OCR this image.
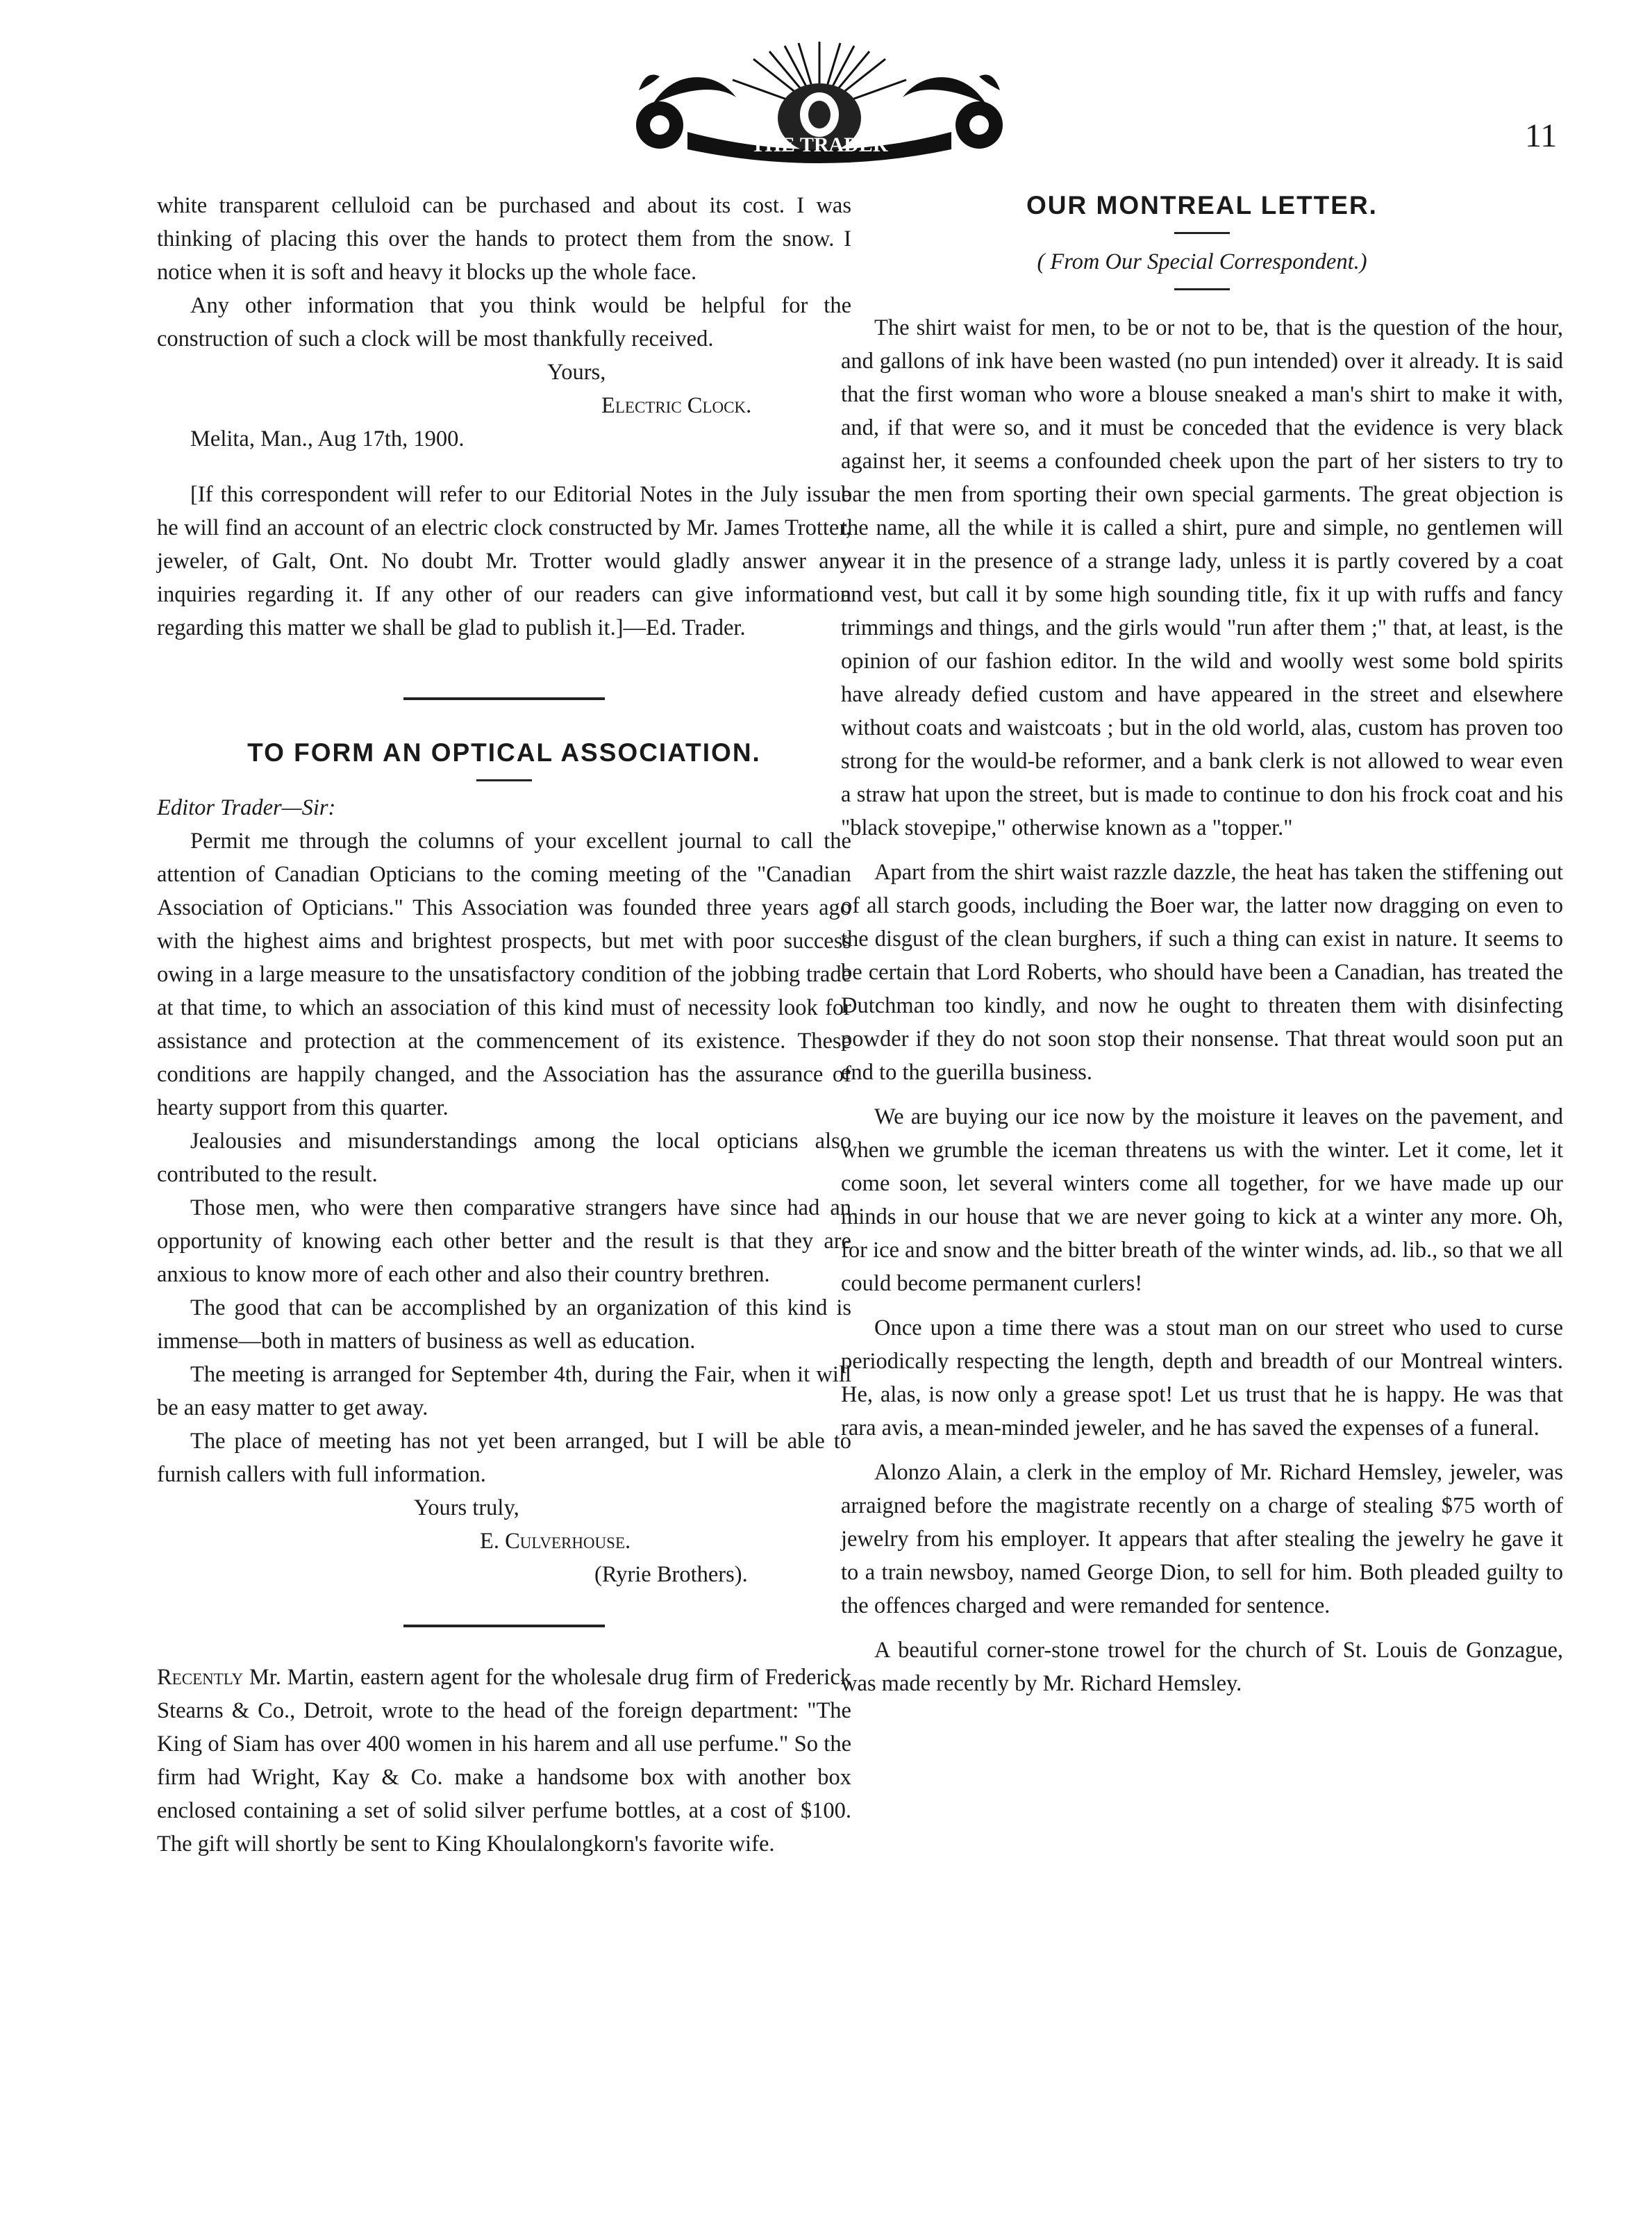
THE TRADER	11

white transparent celluloid can be purchased and about its cost. I was thinking of placing this over the hands to protect them from the snow. I notice when it is soft and heavy it blocks up the whole face.

Any other information that you think would be helpful for the construction of such a clock will be most thankfully received.

Yours,

Electric Clock.

Melita, Man., Aug 17th, 1900.

[If this correspondent will refer to our Editorial Notes in the July issue he will find an account of an electric clock constructed by Mr. James Trotter, jeweler, of Galt, Ont. No doubt Mr. Trotter would gladly answer any inquiries regarding it. If any other of our readers can give information regarding this matter we shall be glad to publish it.]—Ed. Trader.

TO FORM AN OPTICAL ASSOCIATION.

Editor Trader—Sir:

Permit me through the columns of your excellent journal to call the attention of Canadian Opticians to the coming meeting of the "Canadian Association of Opticians." This Association was founded three years ago with the highest aims and brightest prospects, but met with poor success owing in a large measure to the unsatisfactory condition of the jobbing trade at that time, to which an association of this kind must of necessity look for assistance and protection at the commencement of its existence. These conditions are happily changed, and the Association has the assurance of hearty support from this quarter.

Jealousies and misunderstandings among the local opticians also contributed to the result.

Those men, who were then comparative strangers have since had an opportunity of knowing each other better and the result is that they are anxious to know more of each other and also their country brethren.

The good that can be accomplished by an organization of this kind is immense—both in matters of business as well as education.

The meeting is arranged for September 4th, during the Fair, when it will be an easy matter to get away.

The place of meeting has not yet been arranged, but I will be able to furnish callers with full information.

Yours truly,

E. Culverhouse.

(Ryrie Brothers).

Recently Mr. Martin, eastern agent for the wholesale drug firm of Frederick Stearns & Co., Detroit, wrote to the head of the foreign department: "The King of Siam has over 400 women in his harem and all use perfume." So the firm had Wright, Kay & Co. make a handsome box with another box enclosed containing a set of solid silver perfume bottles, at a cost of $100. The gift will shortly be sent to King Khoulalongkorn's favorite wife.

OUR MONTREAL LETTER.
( From Our Special Correspondent.)

The shirt waist for men, to be or not to be, that is the question of the hour, and gallons of ink have been wasted (no pun intended) over it already. It is said that the first woman who wore a blouse sneaked a man's shirt to make it with, and, if that were so, and it must be conceded that the evidence is very black against her, it seems a confounded cheek upon the part of her sisters to try to bar the men from sporting their own special garments. The great objection is the name, all the while it is called a shirt, pure and simple, no gentlemen will wear it in the presence of a strange lady, unless it is partly covered by a coat and vest, but call it by some high sounding title, fix it up with ruffs and fancy trimmings and things, and the girls would "run after them ;" that, at least, is the opinion of our fashion editor. In the wild and woolly west some bold spirits have already defied custom and have appeared in the street and elsewhere without coats and waistcoats ; but in the old world, alas, custom has proven too strong for the would-be reformer, and a bank clerk is not allowed to wear even a straw hat upon the street, but is made to continue to don his frock coat and his "black stovepipe," otherwise known as a "topper."

Apart from the shirt waist razzle dazzle, the heat has taken the stiffening out of all starch goods, including the Boer war, the latter now dragging on even to the disgust of the clean burghers, if such a thing can exist in nature. It seems to be certain that Lord Roberts, who should have been a Canadian, has treated the Dutchman too kindly, and now he ought to threaten them with disinfecting powder if they do not soon stop their nonsense. That threat would soon put an end to the guerilla business.

We are buying our ice now by the moisture it leaves on the pavement, and when we grumble the iceman threatens us with the winter. Let it come, let it come soon, let several winters come all together, for we have made up our minds in our house that we are never going to kick at a winter any more. Oh, for ice and snow and the bitter breath of the winter winds, ad. lib., so that we all could become permanent curlers!

Once upon a time there was a stout man on our street who used to curse periodically respecting the length, depth and breadth of our Montreal winters. He, alas, is now only a grease spot! Let us trust that he is happy. He was that rara avis, a mean-minded jeweler, and he has saved the expenses of a funeral.

Alonzo Alain, a clerk in the employ of Mr. Richard Hemsley, jeweler, was arraigned before the magistrate recently on a charge of stealing $75 worth of jewelry from his employer. It appears that after stealing the jewelry he gave it to a train newsboy, named George Dion, to sell for him. Both pleaded guilty to the offences charged and were remanded for sentence.

A beautiful corner-stone trowel for the church of St. Louis de Gonzague, was made recently by Mr. Richard Hemsley.
